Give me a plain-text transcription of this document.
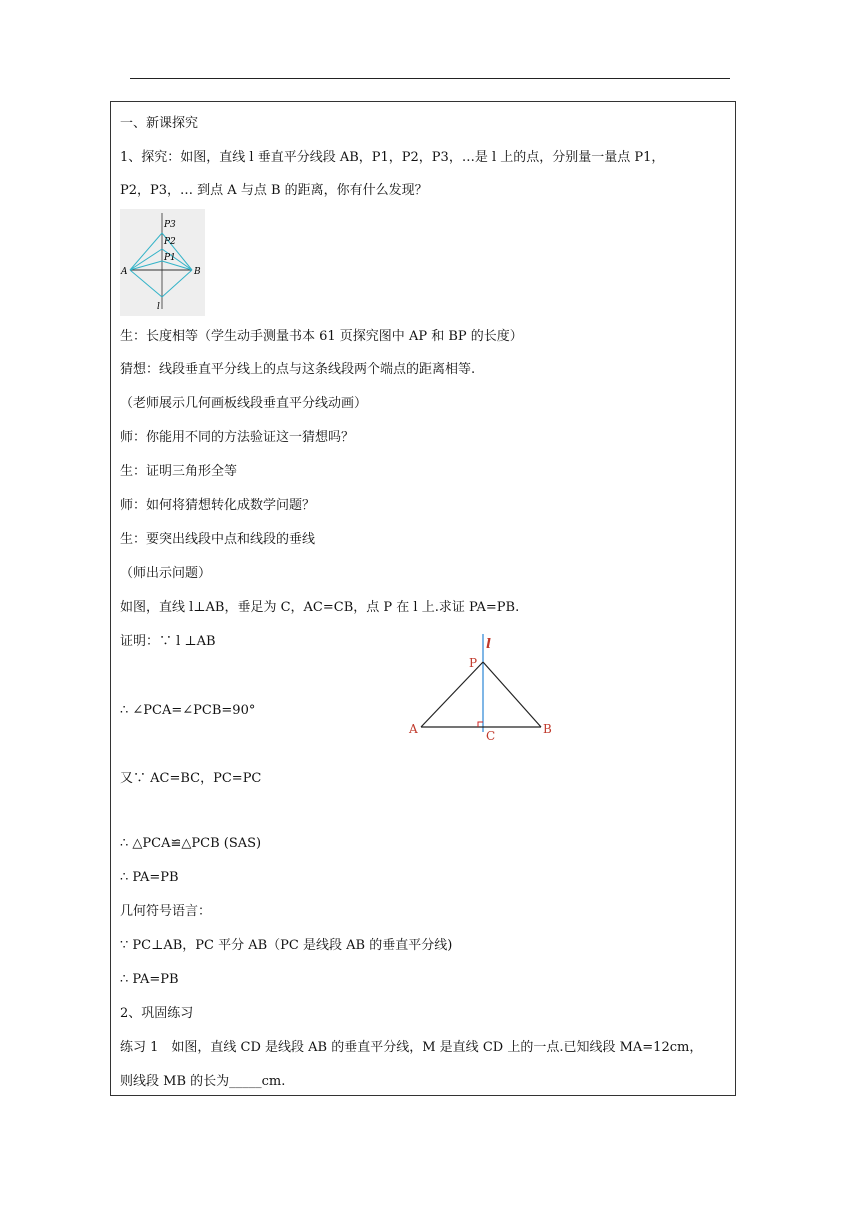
一、新课探究
1、探究：如图，直线 l 垂直平分线段 AB，P1，P2，P3，…是 l 上的点，分别量一量点 P1，
P2，P3，… 到点 A 与点 B 的距离，你有什么发现？
P3
P2
P1
A	B
l
生：长度相等（学生动手测量书本 61 页探究图中 AP 和 BP 的长度）
猜想：线段垂直平分线上的点与这条线段两个端点的距离相等.
（老师展示几何画板线段垂直平分线动画）
师：你能用不同的方法验证这一猜想吗？
生：证明三角形全等
师：如何将猜想转化成数学问题？
生：要突出线段中点和线段的垂线
（师出示问题）
如图，直线 l⊥AB，垂足为 C，AC=CB，点 P 在 l 上.求证 PA=PB.
证明：∵ l ⊥AB
∴ ∠PCA=∠PCB=90°
又∵ AC=BC，PC=PC
∴ △PCA≌△PCB (SAS)
∴ PA=PB
几何符号语言：
∵ PC⊥AB，PC 平分 AB（PC 是线段 AB 的垂直平分线)
∴ PA=PB
2、巩固练习
练习 1　如图，直线 CD 是线段 AB 的垂直平分线，M 是直线 CD 上的一点.已知线段 MA=12cm，
则线段 MB 的长为_____cm.
l
P
A	B
C
